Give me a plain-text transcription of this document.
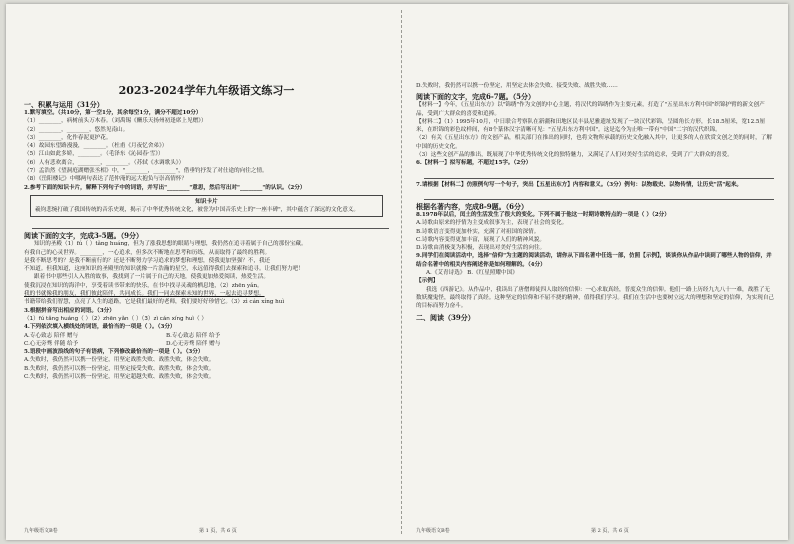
2023-2024学年九年级语文练习一
一、积累与运用（31分）
1.默写填空。（共10分，第一空1分，其余每空1分，满分不超过10分）
（1）________，病树前头万木春。（刘禹锡《酬乐天扬州初逢席上见赠》）
（2）________，________，悠然见南山。
（3）________，化作春泥更护花。
（4）故园东望路漫漫，________。（杜甫《月夜忆舍弟》）
（5）江山如此多娇，________。（毛泽东《沁园春·雪》）
（6）人有悲欢离合，________，________。（苏轼《水调歌头》）
（7）孟浩然《望洞庭湖赠张丞相》中，"________，________"，借垂钓抒发了对仕途的向往之情。
（8）《岳阳楼记》中哪两句表达了范仲淹的远大抱负与崇高情怀？
2.参考下面的知识卡片，解释下列句子中的词语，并写出"________"意思，然后写出对"________"的认识。（2分）
知识卡片
羲钧悲惋打破了我国传统的音乐史观，揭示了中华优秀传统文化，被誉为中国音乐史上的"一座丰碑"，其中蕴含了深远的文化意义。
阅读下面的文字，完成3-5题。（9分）
知识的圣殿（1）fú（ ）tǎng huáng，但为了涨我思想的眼睛与理想，我仍然在追寻着属于自己的那份宝藏。
有我自己的心灵世界。________，一心追求，但多次不断地在思考和历练，从而取得了最终的胜利。
是我不断思考的？是我不断前行的？还是不断努力学习追求的梦想和理想，使我更加坚强？不，我还
不知道。但我知道，这座知识的圣殿里的知识就像一片浩瀚的星空，永远值得我们去探索和追寻。让我们努力吧！
跟着书中那些引人入胜的故事，我找到了一片属于自己的天地，使我更加热爱阅读，热爱生活。
使我沉浸在知识的海洋中，享受着读书带来的快乐，在书中找寻灵魂的栖息地，（2）zhēn yǎn。
我的书就像我的朋友，我们彼此陪伴，共同成长。我们一同去探索未知的世界，一起去追寻梦想。
书籍带给我们智慧，点亮了人生的道路，它是我们最好的老师，我们要好好珍惜它。（3）zì cán xíng huì
3.根据拼音写出相应的词语。（3分）
（1）fú tǎng huáng（ ）（2）zhēn yǎn（ ）（3）zì cán xíng huì（ ）
4.下列依次填入横线处的词语，最恰当的一项是（ ）。（3分）
A.专心致志 陪伴 赠与	B.专心致志 陪伴 给予
C.心无旁骛 伴随 给予	D.心无旁骛 陪伴 赠与
5.语段中画波浪线的句子有语病，下列修改最恰当的一项是（ ）。（3分）
A.失败时，我仍然可以携一份坚定，用坚定战胜失败、战胜失败，体会失败。
B.失败时，我仍然可以携一份坚定，用坚定接受失败、战胜失败，体会失败。
C.失败时，我仍然可以携一份坚定，用坚定超越失败、战胜失败，体会失败。
九年级语文B卷	第 1 页，共 6 页
D.失败时，我仍然可以携一份坚定，用坚定去体会失败、接受失败、战胜失败……
阅读下面的文字，完成6-7题。（5分）
【材料一】今年，《五星出东方》以"锦绣"作为文创的中心主题，将汉代的锦绣作为主要元素，打造了"五星出东方利中国"织锦护臂的新文创产品，受到广大群众的喜爱和追捧。
【材料二】（1）1995年10月，中日联合考察队在新疆和田地区民丰县尼雅遗址发现了一块汉代彩锦，呈圆角长方形，长18.5厘米，宽12.5厘米，在织锦的彩色纹样间，有8个篆体汉字清晰可见："五星出东方利中国"。这是迄今为止唯一带有"中国"二字的汉代织锦。
（2）有关《五星出东方》的文创产品，相关部门在推出的同时，也将文物所承载的历史文化融入其中，让更多的人在欣赏文创之美的同时，了解中国的历史文化。
（3）这些文创产品的推出，既展现了中华优秀传统文化的独特魅力，又满足了人们对美好生活的追求，受到了广大群众的喜爱。
6.【材料一】拟写标题，不超过15字。（2分）
7.请根据【材料二】仿照例句写一个句子，突出【五星出东方】内容和意义。（3分）例句：以物载史、以物传情，让历史"活"起来。
根据名著内容，完成8-9题。（6分）
8.1978年以后，闰土的生活发生了很大的变化。下列不属于他这一时期诗歌特点的一项是（ ）（2分）
A.诗歌由原来的抒情为主变成叙事为主，表现了社会的变化。
B.诗歌语言变得更加朴实，充满了对祖国的深情。
C.诗歌内容变得更加丰富，展现了人们的精神风貌。
D.诗歌由消极变为积极，表现出对美好生活的向往。
9.同学们在阅读活动中，选择"信仰"为主题的阅读活动，请你从下面名著中任选一部，仿照【示例】，谈谈你从作品中读到了哪些人物的信仰，并结合名著中的相关内容阐述你是如何理解的。（4分）
A.《艾青诗选》 B.《红星照耀中国》
【示例】
我选《西游记》。从作品中，我读出了唐僧师徒四人取经的信仰：一心求取真经，普度众生的信仰。他们一路上历经九九八十一难，战胜了无数妖魔鬼怪，最终取得了真经。这种坚定的信仰和不屈不挠的精神，值得我们学习。我们在生活中也要树立远大的理想和坚定的信仰，为实现自己的目标而努力奋斗。
二、阅读（39分）
九年级语文B卷	第 2 页，共 6 页
